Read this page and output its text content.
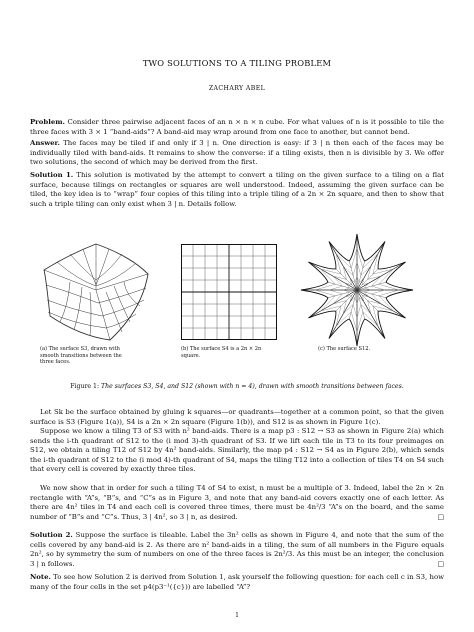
TWO SOLUTIONS TO A TILING PROBLEM
ZACHARY ABEL
Problem. Consider three pairwise adjacent faces of an n × n × n cube. For what values of n is it possible to tile the three faces with 3 × 1 “band-aids”? A band-aid may wrap around from one face to another, but cannot bend.
Answer. The faces may be tiled if and only if 3 | n. One direction is easy: if 3 | n then each of the faces may be individually tiled with band-aids. It remains to show the converse: if a tiling exists, then n is divisible by 3. We offer two solutions, the second of which may be derived from the first.
Solution 1. This solution is motivated by the attempt to convert a tiling on the given surface to a tiling on a flat surface, because tilings on rectangles or squares are well understood. Indeed, assuming the given surface can be tiled, the key idea is to “wrap” four copies of this tiling into a triple tiling of a 2n × 2n square, and then to show that such a triple tiling can only exist when 3 | n. Details follow.
(a) The surface S3, drawn with smooth transitions between the three faces.
(b) The surface S4 is a 2n × 2n square.
(c) The surface S12.
Figure 1: The surfaces S3, S4, and S12 (shown with n = 4), drawn with smooth transitions between faces.
Let Sk be the surface obtained by gluing k squares—or quadrants—together at a common point, so that the given surface is S3 (Figure 1(a)), S4 is a 2n × 2n square (Figure 1(b)), and S12 is as shown in Figure 1(c).
Suppose we know a tiling T3 of S3 with n² band-aids. There is a map p3 : S12 → S3 as shown in Figure 2(a) which sends the i-th quadrant of S12 to the (i mod 3)-th quadrant of S3. If we lift each tile in T3 to its four preimages on S12, we obtain a tiling T12 of S12 by 4n² band-aids. Similarly, the map p4 : S12 → S4 as in Figure 2(b), which sends the i-th quadrant of S12 to the (i mod 4)-th quadrant of S4, maps the tiling T12 into a collection of tiles T4 on S4 such that every cell is covered by exactly three tiles.
We now show that in order for such a tiling T4 of S4 to exist, n must be a multiple of 3. Indeed, label the 2n × 2n rectangle with “A”s, “B”s, and “C”s as in Figure 3, and note that any band-aid covers exactly one of each letter. As there are 4n² tiles in T4 and each cell is covered three times, there must be 4n²/3 “A”s on the board, and the same number of “B”s and “C”s. Thus, 3 | 4n², so 3 | n, as desired.	□
Solution 2. Suppose the surface is tileable. Label the 3n² cells as shown in Figure 4, and note that the sum of the cells covered by any band-aid is 2. As there are n² band-aids in a tiling, the sum of all numbers in the Figure equals 2n², so by symmetry the sum of numbers on one of the three faces is 2n²/3. As this must be an integer, the conclusion 3 | n follows.	□
Note. To see how Solution 2 is derived from Solution 1, ask yourself the following question: for each cell c in S3, how many of the four cells in the set p4(p3⁻¹({c})) are labelled “A”?
1
